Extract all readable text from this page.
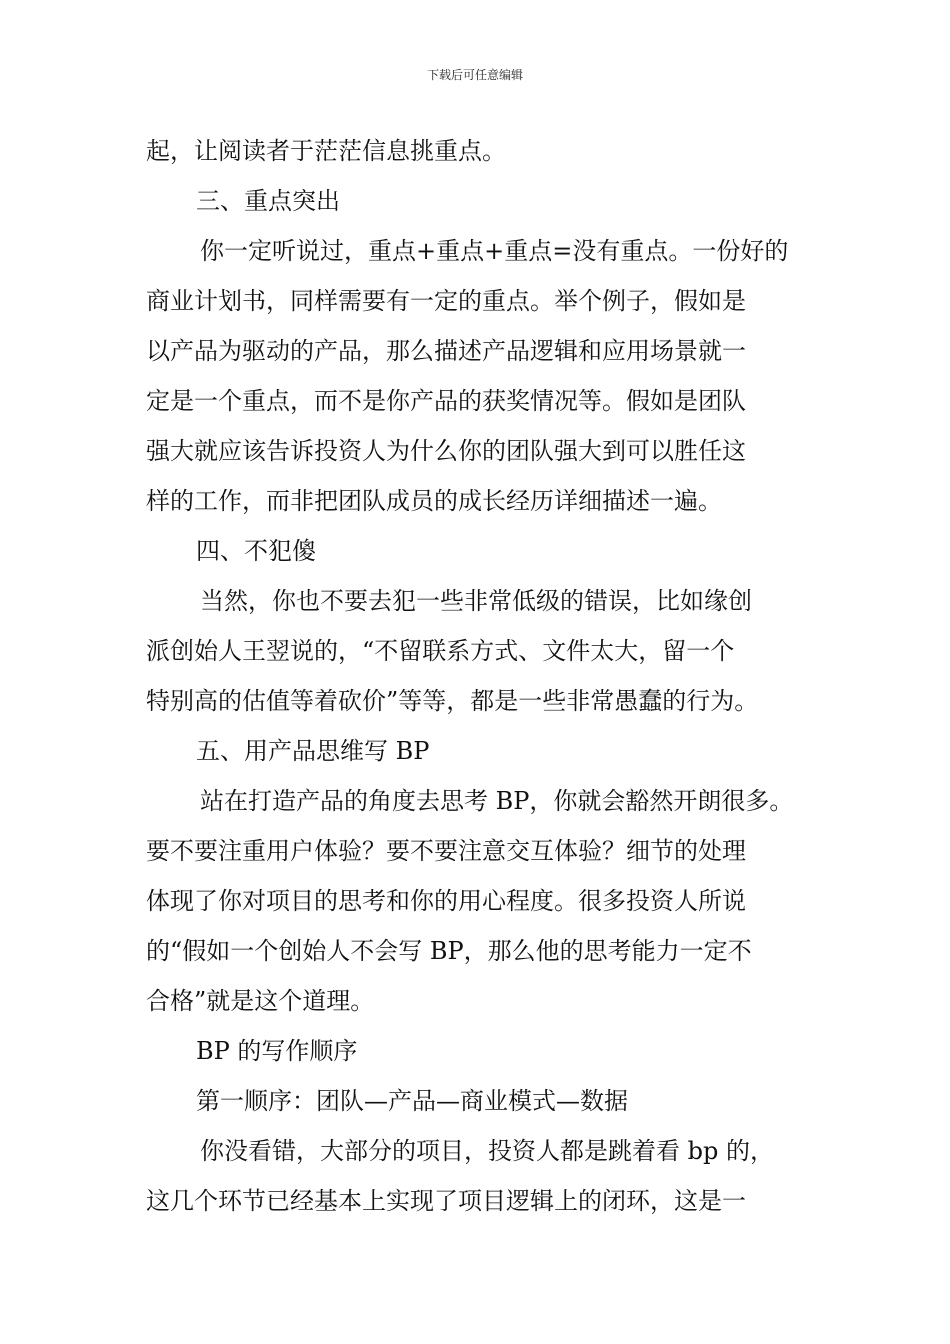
下载后可任意编辑
起，让阅读者于茫茫信息挑重点。
三、重点突出
你一定听说过，重点+重点+重点=没有重点。一份好的
商业计划书，同样需要有一定的重点。举个例子，假如是
以产品为驱动的产品，那么描述产品逻辑和应用场景就一
定是一个重点，而不是你产品的获奖情况等。假如是团队
强大就应该告诉投资人为什么你的团队强大到可以胜任这
样的工作，而非把团队成员的成长经历详细描述一遍。
四、不犯傻
当然，你也不要去犯一些非常低级的错误，比如缘创
派创始人王翌说的，“不留联系方式、文件太大，留一个
特别高的估值等着砍价”等等，都是一些非常愚蠢的行为。
五、用产品思维写 BP
站在打造产品的角度去思考 BP，你就会豁然开朗很多。
要不要注重用户体验？要不要注意交互体验？细节的处理
体现了你对项目的思考和你的用心程度。很多投资人所说
的“假如一个创始人不会写 BP，那么他的思考能力一定不
合格”就是这个道理。
BP 的写作顺序
第一顺序：团队—产品—商业模式—数据
你没看错，大部分的项目，投资人都是跳着看 bp 的，
这几个环节已经基本上实现了项目逻辑上的闭环，这是一
